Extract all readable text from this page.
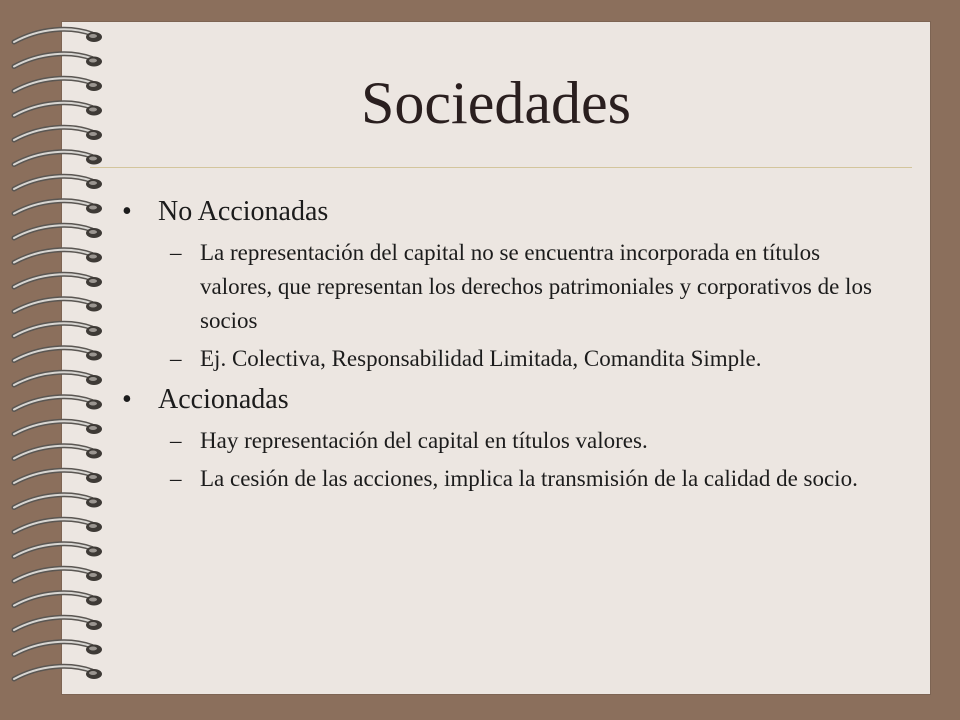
Sociedades
• No Accionadas
– La representación del capital no se encuentra incorporada en títulos valores, que representan los derechos patrimoniales y corporativos de los socios
– Ej. Colectiva, Responsabilidad Limitada, Comandita Simple.
• Accionadas
– Hay representación del capital en títulos valores.
– La cesión de las acciones, implica la transmisión de la calidad de socio.
